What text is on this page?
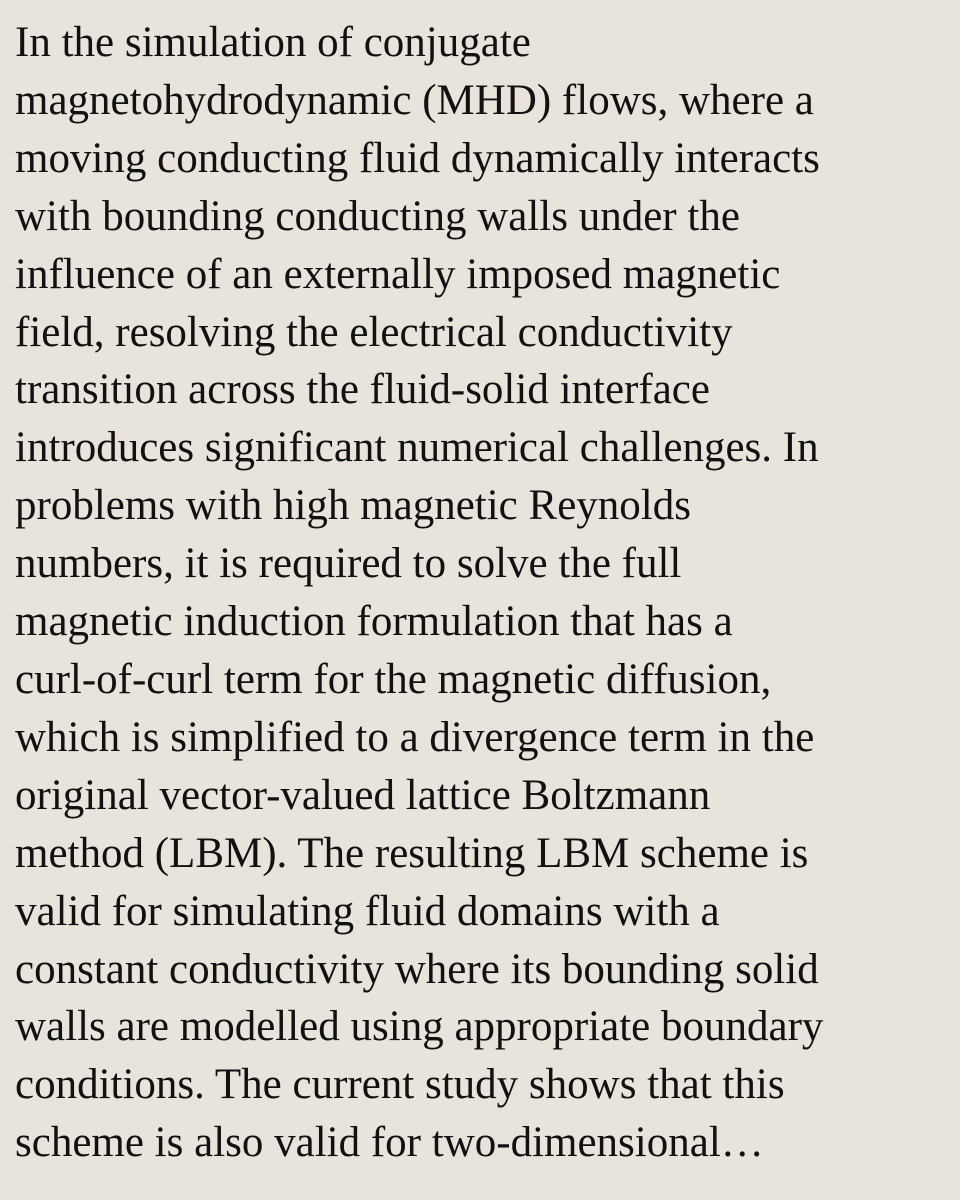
In the simulation of conjugate
magnetohydrodynamic (MHD) flows, where a
moving conducting fluid dynamically interacts
with bounding conducting walls under the
influence of an externally imposed magnetic
field, resolving the electrical conductivity
transition across the fluid-solid interface
introduces significant numerical challenges. In
problems with high magnetic Reynolds
numbers, it is required to solve the full
magnetic induction formulation that has a
curl-of-curl term for the magnetic diffusion,
which is simplified to a divergence term in the
original vector-valued lattice Boltzmann
method (LBM). The resulting LBM scheme is
valid for simulating fluid domains with a
constant conductivity where its bounding solid
walls are modelled using appropriate boundary
conditions. The current study shows that this
scheme is also valid for two-dimensional…
